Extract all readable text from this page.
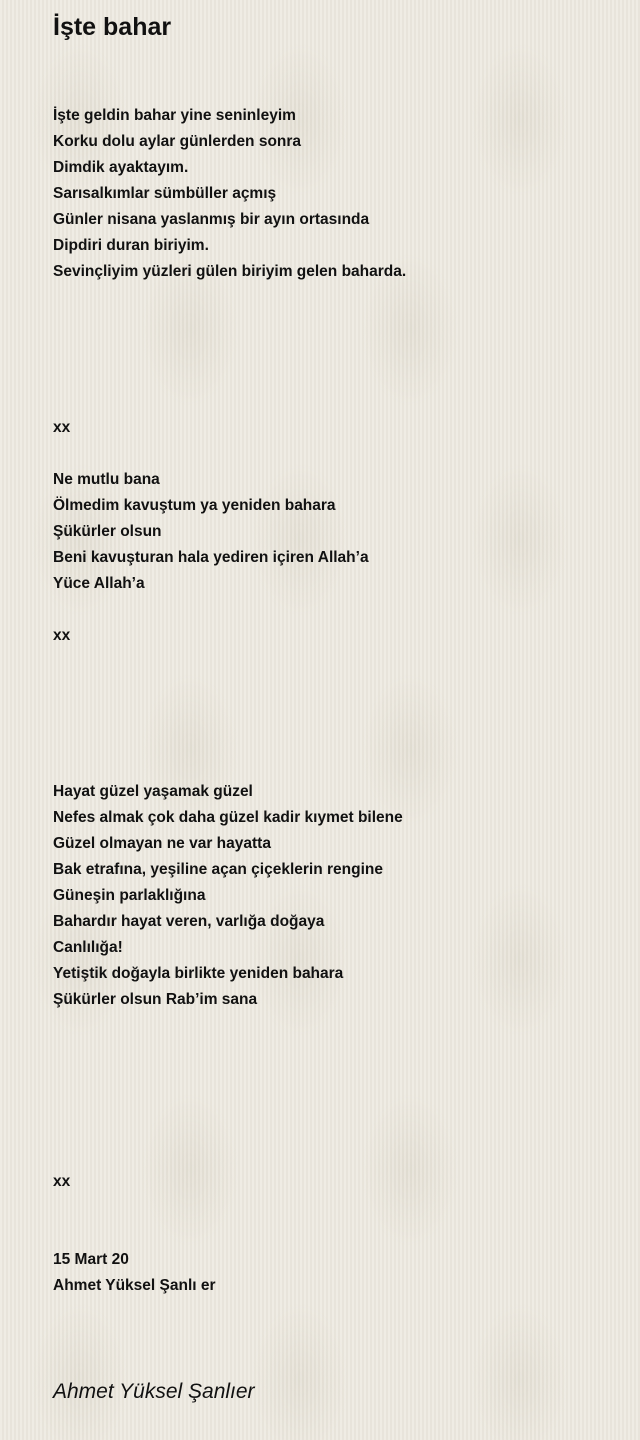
İşte bahar
İşte geldin bahar yine seninleyim
Korku dolu aylar günlerden sonra
Dimdik ayaktayım.
Sarısalkımlar sümbüller açmış
Günler nisana yaslanmış bir ayın ortasında
Dipdiri duran biriyim.
Sevinçliyim yüzleri gülen biriyim gelen baharda.
xx
Ne mutlu bana
Ölmedim kavuştum ya yeniden bahara
Şükürler olsun
Beni kavuşturan hala yediren içiren Allah’a
Yüce Allah’a
xx
Hayat güzel yaşamak güzel
Nefes almak çok daha güzel kadir kıymet bilene
Güzel olmayan ne var hayatta
Bak etrafına, yeşiline açan çiçeklerin rengine
Güneşin parlaklığına
Bahardır hayat veren, varlığa doğaya
Canlılığa!
Yetiştik doğayla birlikte yeniden bahara
Şükürler olsun Rab’im sana
xx
15 Mart 20
Ahmet Yüksel Şanlı er
Ahmet Yüksel Şanlıer
